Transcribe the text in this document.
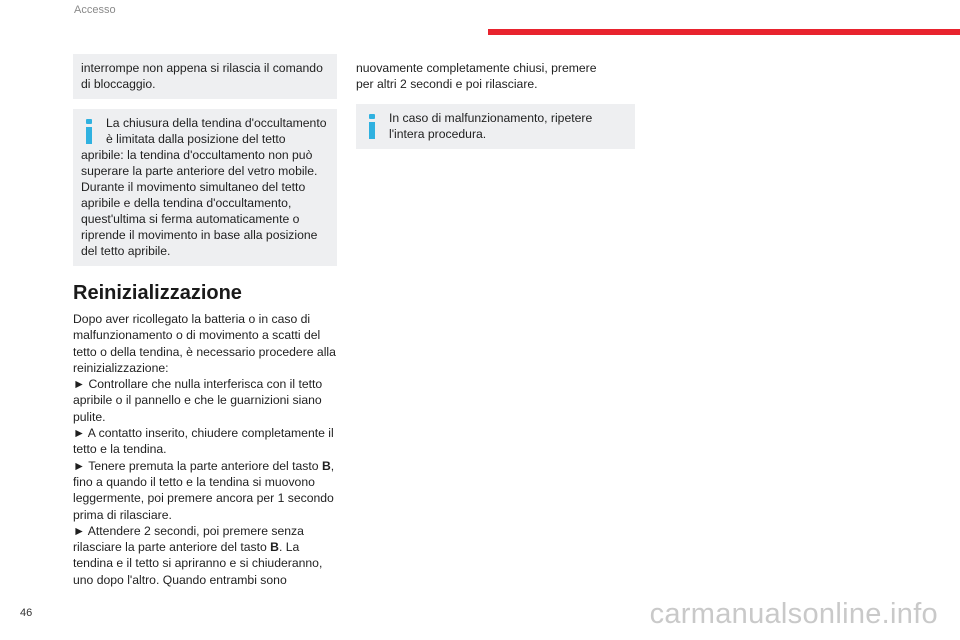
Accesso
interrompe non appena si rilascia il comando di bloccaggio.
La chiusura della tendina d'occultamento
è limitata dalla posizione del tetto
apribile: la tendina d'occultamento non può superare la parte anteriore del vetro mobile. Durante il movimento simultaneo del tetto apribile e della tendina d'occultamento, quest'ultima si ferma automaticamente o riprende il movimento in base alla posizione del tetto apribile.
Reinizializzazione
Dopo aver ricollegato la batteria o in caso di malfunzionamento o di movimento a scatti del tetto o della tendina, è necessario procedere alla reinizializzazione:
► Controllare che nulla interferisca con il tetto apribile o il pannello e che le guarnizioni siano pulite.
► A contatto inserito, chiudere completamente il tetto e la tendina.
► Tenere premuta la parte anteriore del tasto B, fino a quando il tetto e la tendina si muovono leggermente, poi premere ancora per 1 secondo prima di rilasciare.
► Attendere 2 secondi, poi premere senza rilasciare la parte anteriore del tasto B. La tendina e il tetto si apriranno e si chiuderanno, uno dopo l'altro. Quando entrambi sono
nuovamente completamente chiusi, premere per altri 2 secondi e poi rilasciare.
In caso di malfunzionamento, ripetere
l'intera procedura.
46	carmanualsonline.info
